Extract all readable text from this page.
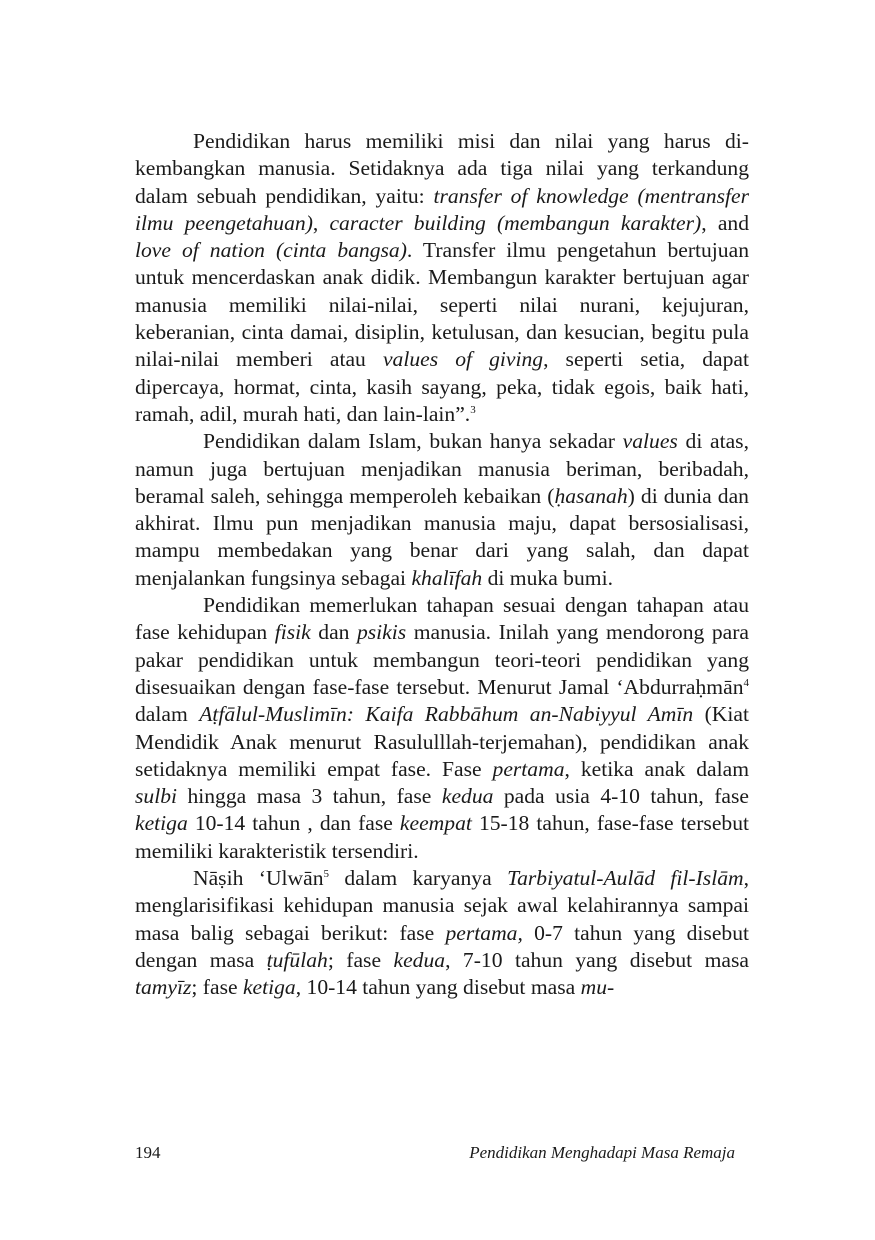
Pendidikan harus memiliki misi dan nilai yang harus dikembangkan manusia. Setidaknya ada tiga nilai yang terkandung dalam sebuah pendidikan, yaitu: transfer of knowledge (mentransfer ilmu peengetahuan), caracter building (membangun karakter), and love of nation (cinta bangsa). Transfer ilmu pengetahun bertujuan untuk mencerdaskan anak didik. Membangun karakter bertujuan agar manusia memiliki nilai-nilai, seperti nilai nurani, kejujuran, keberanian, cinta damai, disiplin, ketulusan, dan kesucian, begitu pula nilai-nilai memberi atau values of giving, seperti setia, dapat dipercaya, hormat, cinta, kasih sayang, peka, tidak egois, baik hati, ramah, adil, murah hati, dan lain-lain”.$^3$

Pendidikan dalam Islam, bukan hanya sekadar values di atas, namun juga bertujuan menjadikan manusia beriman, beribadah, beramal saleh, sehingga memperoleh kebaikan (ḥasanah) di dunia dan akhirat. Ilmu pun menjadikan manusia maju, dapat bersosialisasi, mampu membedakan yang benar dari yang salah, dan dapat menjalankan fungsinya sebagai khalīfah di muka bumi.

Pendidikan memerlukan tahapan sesuai dengan tahapan atau fase kehidupan fisik dan psikis manusia. Inilah yang mendorong para pakar pendidikan untuk membangun teori-teori pendidikan yang disesuaikan dengan fase-fase tersebut. Menurut Jamal ‘Abdurraḥmān$^4$ dalam Aṭfālul-Muslimīn: Kaifa Rabbāhum an-Nabiyyul Amīn (Kiat Mendidik Anak menurut Rasululllah-terjemahan), pendidikan anak setidaknya memiliki empat fase. Fase pertama, ketika anak dalam sulbi hingga masa 3 tahun, fase kedua pada usia 4-10 tahun, fase ketiga 10-14 tahun , dan fase keempat 15-18 tahun, fase-fase tersebut memiliki karakteristik tersendiri.

Nāṣih ‘Ulwān$^5$ dalam karyanya Tarbiyatul-Aulād fil-Islām, menglarisifikasi kehidupan manusia sejak awal kelahirannya sampai masa balig sebagai berikut: fase pertama, 0-7 tahun yang disebut dengan masa ṭufūlah; fase kedua, 7-10 tahun yang disebut masa tamyīz; fase ketiga, 10-14 tahun yang disebut masa mu-

194	Pendidikan Menghadapi Masa Remaja
